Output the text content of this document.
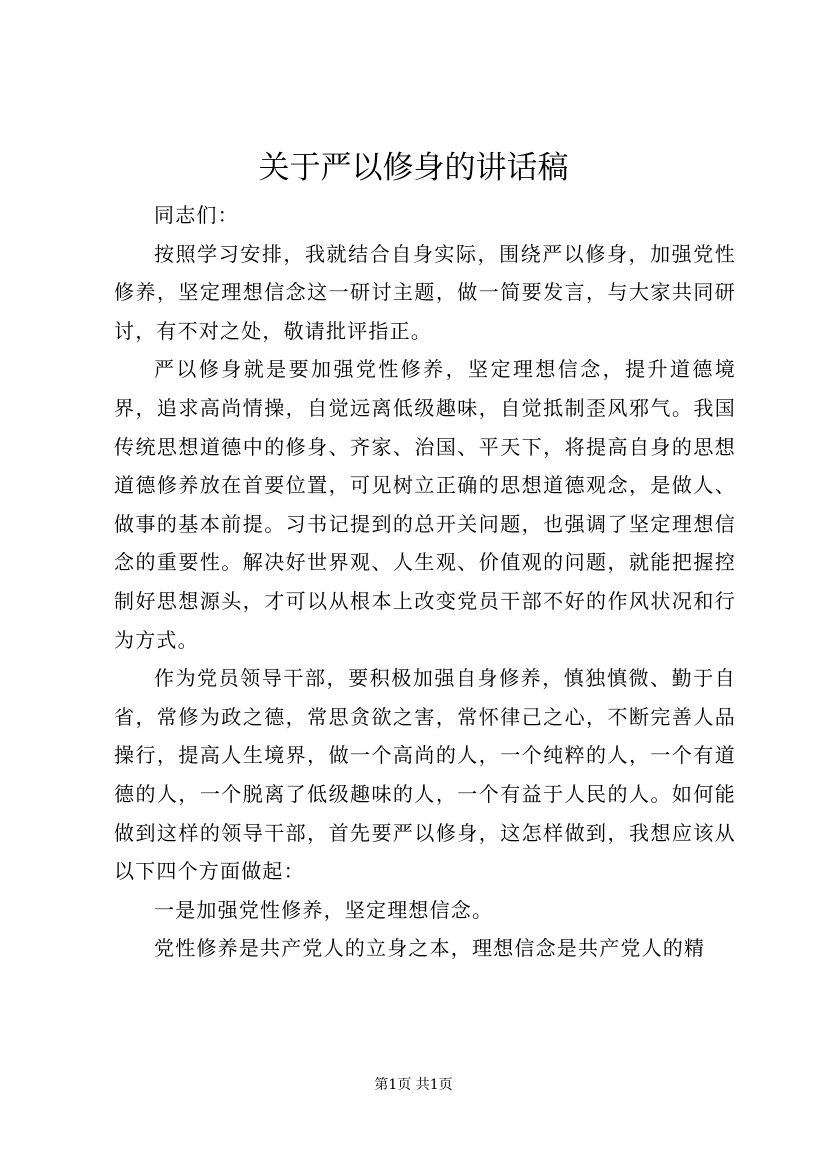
关于严以修身的讲话稿

同志们：

按照学习安排，我就结合自身实际，围绕严以修身，加强党性修养，坚定理想信念这一研讨主题，做一简要发言，与大家共同研讨，有不对之处，敬请批评指正。

严以修身就是要加强党性修养，坚定理想信念，提升道德境界，追求高尚情操，自觉远离低级趣味，自觉抵制歪风邪气。我国传统思想道德中的修身、齐家、治国、平天下，将提高自身的思想道德修养放在首要位置，可见树立正确的思想道德观念，是做人、做事的基本前提。习书记提到的总开关问题，也强调了坚定理想信念的重要性。解决好世界观、人生观、价值观的问题，就能把握控制好思想源头，才可以从根本上改变党员干部不好的作风状况和行为方式。

作为党员领导干部，要积极加强自身修养，慎独慎微、勤于自省，常修为政之德，常思贪欲之害，常怀律己之心，不断完善人品操行，提高人生境界，做一个高尚的人，一个纯粹的人，一个有道德的人，一个脱离了低级趣味的人，一个有益于人民的人。如何能做到这样的领导干部，首先要严以修身，这怎样做到，我想应该从以下四个方面做起：

一是加强党性修养，坚定理想信念。

党性修养是共产党人的立身之本，理想信念是共产党人的精

第1页 共1页
